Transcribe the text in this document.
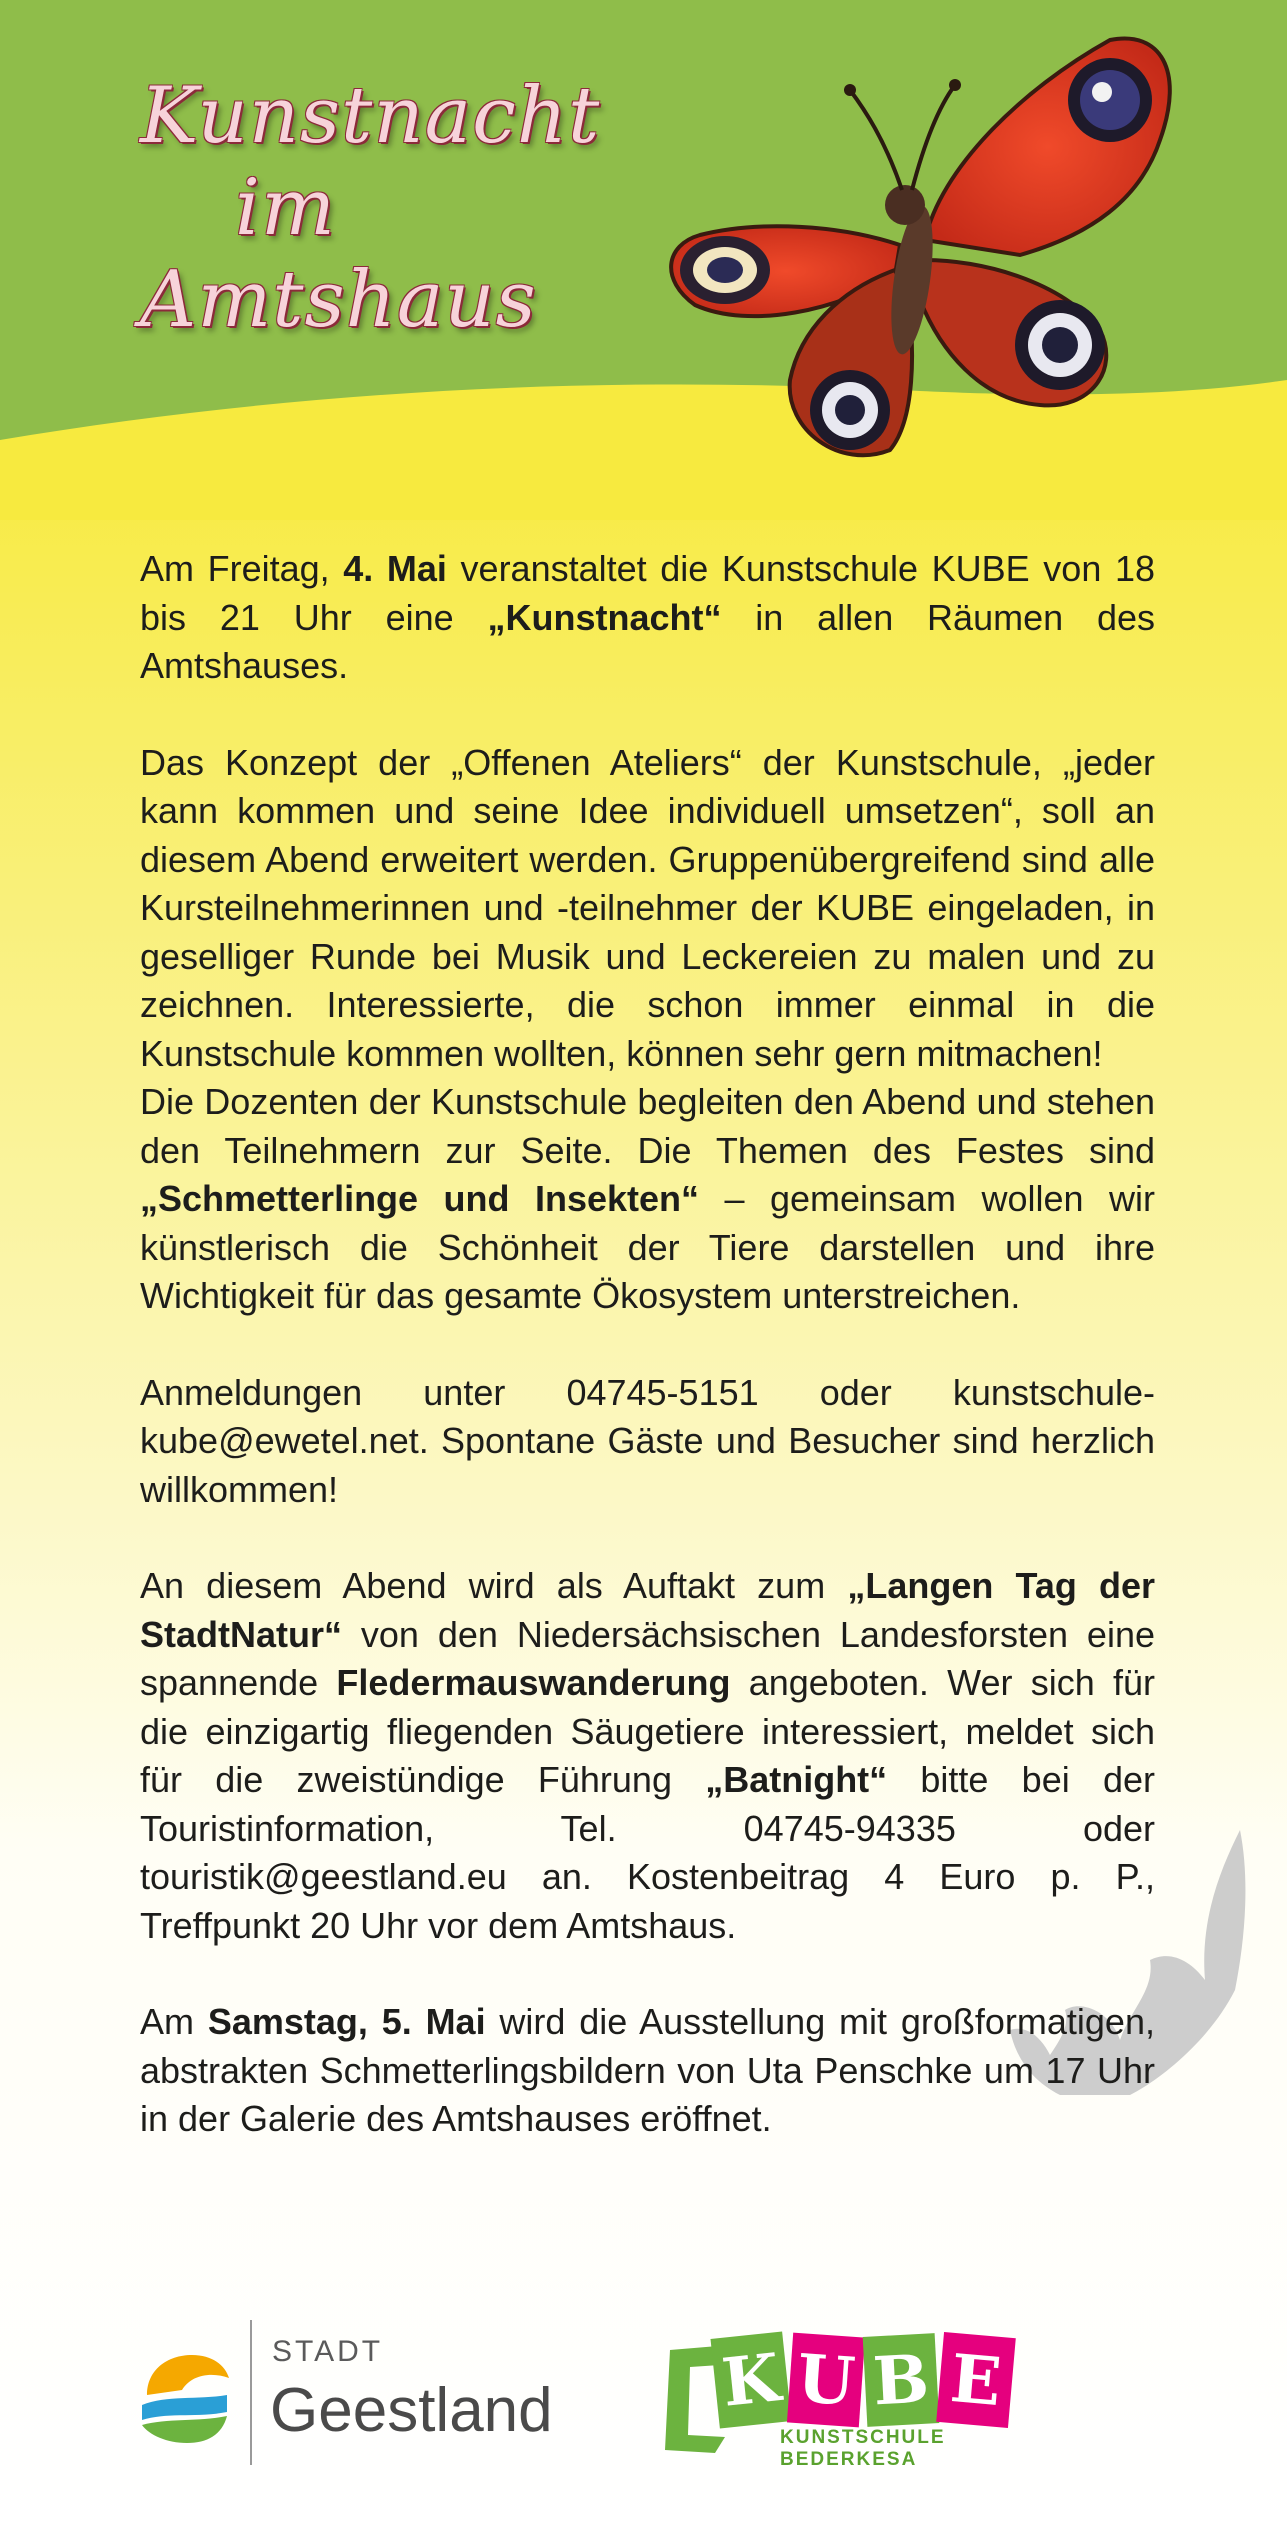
Kunstnacht
im
Amtshaus

Am Freitag, 4. Mai veranstaltet die Kunstschule KUBE von 18 bis 21 Uhr eine „Kunstnacht“ in allen Räumen des Amtshauses.

Das Konzept der „Offenen Ateliers“ der Kunstschule, „jeder kann kommen und seine Idee individuell umsetzen“, soll an diesem Abend erweitert werden. Gruppenübergreifend sind alle Kursteilnehmerinnen und -teilnehmer der KUBE eingeladen, in geselliger Runde bei Musik und Leckereien zu malen und zu zeichnen. Interessierte, die schon immer einmal in die Kunstschule kommen wollten, können sehr gern mitmachen!

Die Dozenten der Kunstschule begleiten den Abend und stehen den Teilnehmern zur Seite. Die Themen des Festes sind „Schmetterlinge und Insekten“ – gemeinsam wollen wir künstlerisch die Schönheit der Tiere darstellen und ihre Wichtigkeit für das gesamte Ökosystem unterstreichen.

Anmeldungen unter 04745-5151 oder kunstschule-kube@ewetel.net. Spontane Gäste und Besucher sind herzlich willkommen!

An diesem Abend wird als Auftakt zum „Langen Tag der StadtNatur“ von den Niedersächsischen Landesforsten eine spannende Fledermauswanderung angeboten. Wer sich für die einzigartig fliegenden Säugetiere interessiert, meldet sich für die zweistündige Führung „Batnight“ bitte bei der Touristinformation, Tel. 04745-94335 oder touristik@geestland.eu an. Kostenbeitrag 4 Euro p. P., Treffpunkt 20 Uhr vor dem Amtshaus.

Am Samstag, 5. Mai wird die Ausstellung mit großformatigen, abstrakten Schmetterlingsbildern von Uta Penschke um 17 Uhr in der Galerie des Amtshauses eröffnet.

STADT
Geestland	K U B E
KUNSTSCHULE BEDERKESA
